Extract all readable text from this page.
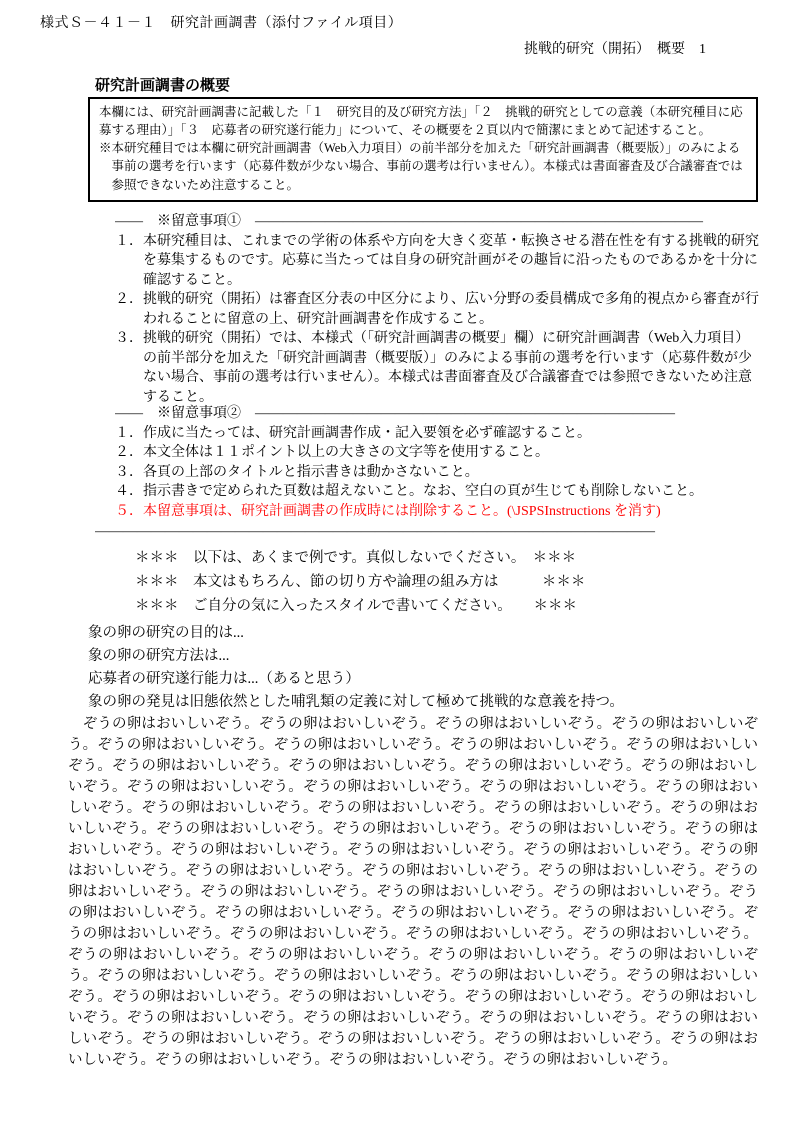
様式Ｓ－４１－１　研究計画調書（添付ファイル項目）
挑戦的研究（開拓）　概要　1
研究計画調書の概要

本欄には、研究計画調書に記載した「１　研究目的及び研究方法」「２　挑戦的研究としての意義（本研究種目に応募する理由）」「３　応募者の研究遂行能力」について、その概要を２頁以内で簡潔にまとめて記述すること。

※本研究種目では本欄に研究計画調書（Web入力項目）の前半部分を加えた「研究計画調書（概要版）」のみによる事前の選考を行います（応募件数が少ない場合、事前の選考は行いません）。本様式は書面審査及び合議審査では参照できないため注意すること。

――　※留意事項①　――――――――――――――――――――――――――――――――

１．本研究種目は、これまでの学術の体系や方向を大きく変革・転換させる潜在性を有する挑戦的研究を募集するものです。応募に当たっては自身の研究計画がその趣旨に沿ったものであるかを十分に確認すること。

２．挑戦的研究（開拓）は審査区分表の中区分により、広い分野の委員構成で多角的視点から審査が行われることに留意の上、研究計画調書を作成すること。

３．挑戦的研究（開拓）では、本様式（「研究計画調書の概要」欄）に研究計画調書（Web入力項目）の前半部分を加えた「研究計画調書（概要版）」のみによる事前の選考を行います（応募件数が少ない場合、事前の選考は行いません）。本様式は書面審査及び合議審査では参照できないため注意すること。

――　※留意事項②　――――――――――――――――――――――――――――――

１．作成に当たっては、研究計画調書作成・記入要領を必ず確認すること。

２．本文全体は１１ポイント以上の大きさの文字等を使用すること。

３．各頁の上部のタイトルと指示書きは動かさないこと。

４．指示書きで定められた頁数は超えないこと。なお、空白の頁が生じても削除しないこと。

５．本留意事項は、研究計画調書の作成時には削除すること。(\JSPSInstructions を消す)

――――――――――――――――――――――――――――――――――――――――
＊＊＊　以下は、あくまで例です。真似しないでください。　＊＊＊
＊＊＊　本文はもちろん、節の切り方や論理の組み方は　　　＊＊＊
＊＊＊　ご自分の気に入ったスタイルで書いてください。　　＊＊＊

象の卵の研究の目的は...

象の卵の研究方法は...

応募者の研究遂行能力は...（あると思う）

象の卵の発見は旧態依然とした哺乳類の定義に対して極めて挑戦的な意義を持つ。

　ぞうの卵はおいしいぞう。ぞうの卵はおいしいぞう。ぞうの卵はおいしいぞう。ぞうの卵はおいしいぞう。ぞうの卵はおいしいぞう。ぞうの卵はおいしいぞう。ぞうの卵はおいしいぞう。ぞうの卵はおいしいぞう。ぞうの卵はおいしいぞう。ぞうの卵はおいしいぞう。ぞうの卵はおいしいぞう。ぞうの卵はおいしいぞう。ぞうの卵はおいしいぞう。ぞうの卵はおいしいぞう。ぞうの卵はおいしいぞう。ぞうの卵はおいしいぞう。ぞうの卵はおいしいぞう。ぞうの卵はおいしいぞう。ぞうの卵はおいしいぞう。ぞうの卵はおいしいぞう。ぞうの卵はおいしいぞう。ぞうの卵はおいしいぞう。ぞうの卵はおいしいぞう。ぞうの卵はおいしいぞう。ぞうの卵はおいしいぞう。ぞうの卵はおいしいぞう。ぞうの卵はおいしいぞう。ぞうの卵はおいしいぞう。ぞうの卵はおいしいぞう。ぞうの卵はおいしいぞう。ぞうの卵はおいしいぞう。ぞうの卵はおいしいぞう。ぞうの卵はおいしいぞう。ぞうの卵はおいしいぞう。ぞうの卵はおいしいぞう。ぞうの卵はおいしいぞう。ぞうの卵はおいしいぞう。ぞうの卵はおいしいぞう。ぞうの卵はおいしいぞう。ぞうの卵はおいしいぞう。ぞうの卵はおいしいぞう。ぞうの卵はおいしいぞう。ぞうの卵はおいしいぞう。ぞうの卵はおいしいぞう。ぞうの卵はおいしいぞう。ぞうの卵はおいしいぞう。ぞうの卵はおいしいぞう。ぞうの卵はおいしいぞう。ぞうの卵はおいしいぞう。ぞうの卵はおいしいぞう。ぞうの卵はおいしいぞう。ぞうの卵はおいしいぞう。ぞうの卵はおいしいぞう。ぞうの卵はおいしいぞう。ぞうの卵はおいしいぞう。ぞうの卵はおいしいぞう。ぞうの卵はおいしいぞう。ぞうの卵はおいしいぞう。ぞうの卵はおいしいぞう。ぞうの卵はおいしいぞう。ぞうの卵はおいしいぞう。ぞうの卵はおいしいぞう。ぞうの卵はおいしいぞう。ぞうの卵はおいしいぞう。ぞうの卵はおいしいぞう。ぞうの卵はおいしいぞう。
